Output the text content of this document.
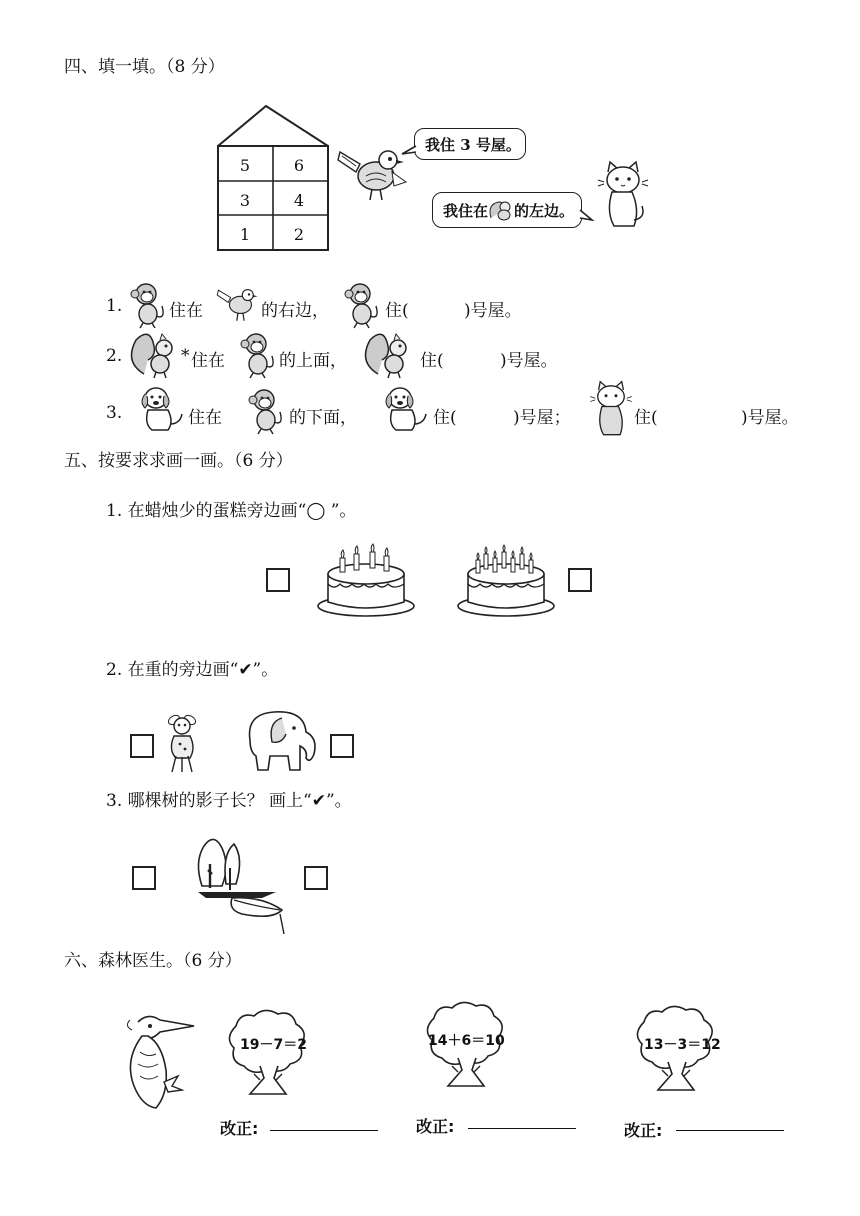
四、填一填。（8 分）
5	6
3	4
1	2
我住 3 号屋。
我住在 的左边。
1.	住在	的右边，	住(	)号屋。
2.	* 住在	的上面，	住(	)号屋。
3.	住在	的下面，	住(	)号屋；	住(	)号屋。
五、按要求求画一画。（6 分）
1. 在蜡烛少的蛋糕旁边画“◯ ”。
2. 在重的旁边画“✔”。
3. 哪棵树的影子长？ 画上“✔”。
六、森林医生。（6 分）
19－7＝2	14＋6＝10	13－3＝12
改正:	改正:	改正:
